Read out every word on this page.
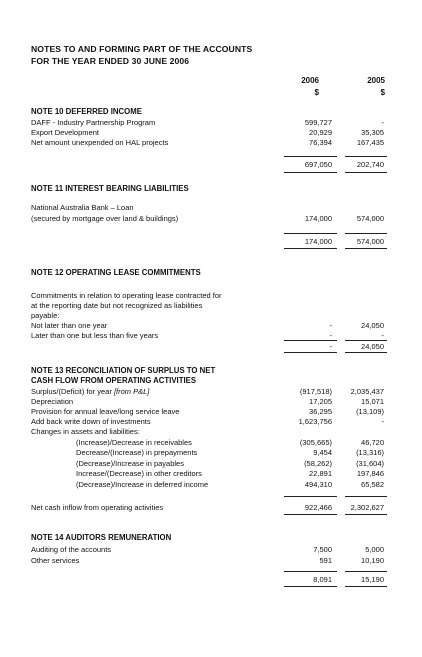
NOTES TO AND FORMING PART OF THE ACCOUNTS
FOR THE YEAR ENDED 30 JUNE 2006
2006	2005
$	$
NOTE 10 DEFERRED INCOME
DAFF - Industry Partnership Program	599,727	-
Export Development	20,929	35,305
Net amount unexpended on HAL projects	76,394	167,435
697,050	202,740
NOTE 11 INTEREST BEARING LIABILITIES
National Australia Bank – Loan
(secured by mortgage over land & buildings)	174,000	574,000
174,000	574,000
NOTE 12 OPERATING LEASE COMMITMENTS
Commitments in relation to operating lease contracted for
at the reporting date but not recognized as liabilities
payable:
Not later than one year	-	24,050
Later than one but less than five years	-	-
-	24,050
NOTE 13 RECONCILIATION OF SURPLUS TO NET
CASH FLOW FROM OPERATING ACTIVITIES
Surplus/(Deficit) for year [from P&L]	(917,518)	2,035,437
Depreciation	17,205	15,071
Provision for annual leave/long service leave	36,295	(13,109)
Add back write down of investments	1,623,756	-
Changes in assets and liabilities:
(Increase)/Decrease in receivables	(305,665)	46,720
Decrease/(Increase) in prepayments	9,454	(13,316)
(Decrease)/Increase in payables	(58,262)	(31,604)
Increase/(Decrease) in other creditors	22,891	197,846
(Decrease)/Increase in deferred income	494,310	65,582
Net cash inflow from operating activities	922,466	2,302,627
NOTE 14 AUDITORS REMUNERATION
Auditing of the accounts	7,500	5,000
Other services	591	10,190
8,091	15,190
